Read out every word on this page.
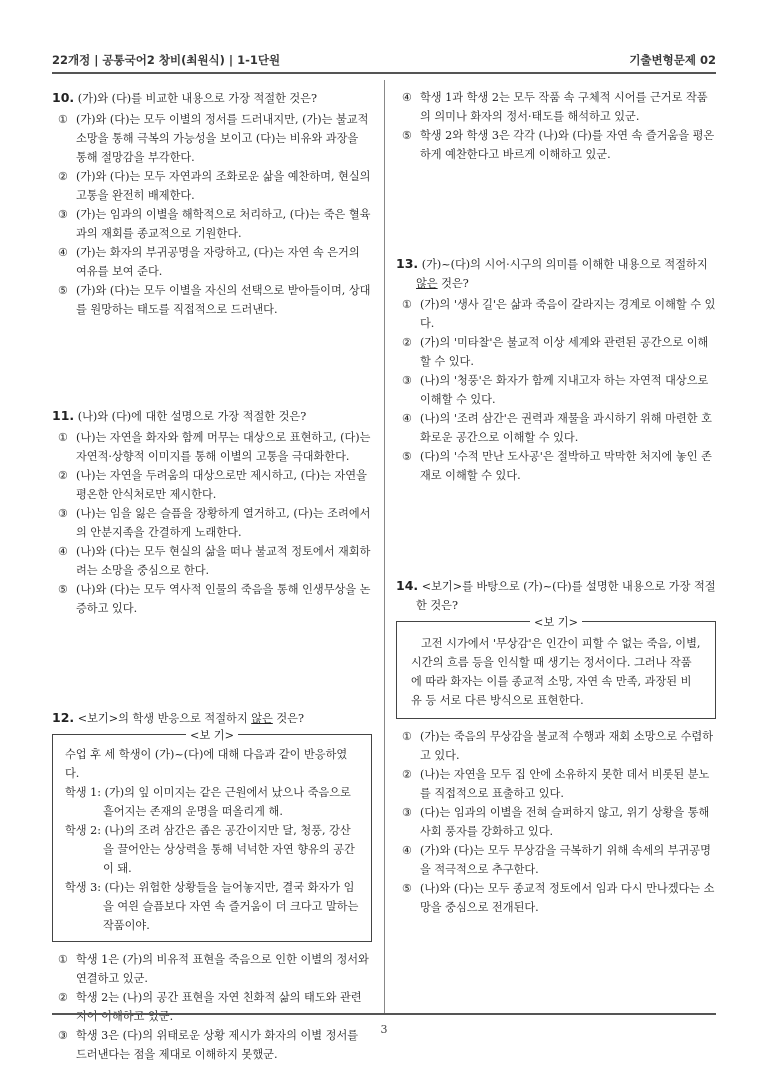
22개정 | 공통국어2 창비(최원식) | 1-1단원	기출변형문제 02

10. (가)와 (다)를 비교한 내용으로 가장 적절한 것은?

① (가)와 (다)는 모두 이별의 정서를 드러내지만, (가)는 불교적 소망을 통해 극복의 가능성을 보이고 (다)는 비유와 과장을 통해 절망감을 부각한다.

② (가)와 (다)는 모두 자연과의 조화로운 삶을 예찬하며, 현실의 고통을 완전히 배제한다.

③ (가)는 임과의 이별을 해학적으로 처리하고, (다)는 죽은 혈육과의 재회를 종교적으로 기원한다.

④ (가)는 화자의 부귀공명을 자랑하고, (다)는 자연 속 은거의 여유를 보여 준다.

⑤ (가)와 (다)는 모두 이별을 자신의 선택으로 받아들이며, 상대를 원망하는 태도를 직접적으로 드러낸다.

11. (나)와 (다)에 대한 설명으로 가장 적절한 것은?

① (나)는 자연을 화자와 함께 머무는 대상으로 표현하고, (다)는 자연적·상향적 이미지를 통해 이별의 고통을 극대화한다.

② (나)는 자연을 두려움의 대상으로만 제시하고, (다)는 자연을 평온한 안식처로만 제시한다.

③ (나)는 임을 잃은 슬픔을 장황하게 열거하고, (다)는 조려에서의 안분지족을 간결하게 노래한다.

④ (나)와 (다)는 모두 현실의 삶을 떠나 불교적 정토에서 재회하려는 소망을 중심으로 한다.

⑤ (나)와 (다)는 모두 역사적 인물의 죽음을 통해 인생무상을 논증하고 있다.

12. <보기>의 학생 반응으로 적절하지 않은 것은?

<보 기>

수업 후 세 학생이 (가)~(다)에 대해 다음과 같이 반응하였다.

학생 1: (가)의 잎 이미지는 같은 근원에서 났으나 죽음으로 흩어지는 존재의 운명을 떠올리게 해.

학생 2: (나)의 조려 삼간은 좁은 공간이지만 달, 청풍, 강산을 끌어안는 상상력을 통해 넉넉한 자연 향유의 공간이 돼.

학생 3: (다)는 위험한 상황들을 늘어놓지만, 결국 화자가 임을 여읜 슬픔보다 자연 속 즐거움이 더 크다고 말하는 작품이야.

① 학생 1은 (가)의 비유적 표현을 죽음으로 인한 이별의 정서와 연결하고 있군.

② 학생 2는 (나)의 공간 표현을 자연 친화적 삶의 태도와 관련지어 이해하고 있군.

③ 학생 3은 (다)의 위태로운 상황 제시가 화자의 이별 정서를 드러낸다는 점을 제대로 이해하지 못했군.

④ 학생 1과 학생 2는 모두 작품 속 구체적 시어를 근거로 작품의 의미나 화자의 정서·태도를 해석하고 있군.

⑤ 학생 2와 학생 3은 각각 (나)와 (다)를 자연 속 즐거움을 평온하게 예찬한다고 바르게 이해하고 있군.

13. (가)~(다)의 시어·시구의 의미를 이해한 내용으로 적절하지 않은 것은?

① (가)의 '생사 길'은 삶과 죽음이 갈라지는 경계로 이해할 수 있다.

② (가)의 '미타찰'은 불교적 이상 세계와 관련된 공간으로 이해할 수 있다.

③ (나)의 '청풍'은 화자가 함께 지내고자 하는 자연적 대상으로 이해할 수 있다.

④ (나)의 '조려 삼간'은 권력과 재물을 과시하기 위해 마련한 호화로운 공간으로 이해할 수 있다.

⑤ (다)의 '수적 만난 도사공'은 절박하고 막막한 처지에 놓인 존재로 이해할 수 있다.

14. <보기>를 바탕으로 (가)~(다)를 설명한 내용으로 가장 적절한 것은?

<보 기>

고전 시가에서 '무상감'은 인간이 피할 수 없는 죽음, 이별, 시간의 흐름 등을 인식할 때 생기는 정서이다. 그러나 작품에 따라 화자는 이를 종교적 소망, 자연 속 만족, 과장된 비유 등 서로 다른 방식으로 표현한다.

① (가)는 죽음의 무상감을 불교적 수행과 재회 소망으로 수렴하고 있다.

② (나)는 자연을 모두 집 안에 소유하지 못한 데서 비롯된 분노를 직접적으로 표출하고 있다.

③ (다)는 임과의 이별을 전혀 슬퍼하지 않고, 위기 상황을 통해 사회 풍자를 강화하고 있다.

④ (가)와 (다)는 모두 무상감을 극복하기 위해 속세의 부귀공명을 적극적으로 추구한다.

⑤ (나)와 (다)는 모두 종교적 정토에서 임과 다시 만나겠다는 소망을 중심으로 전개된다.

3
